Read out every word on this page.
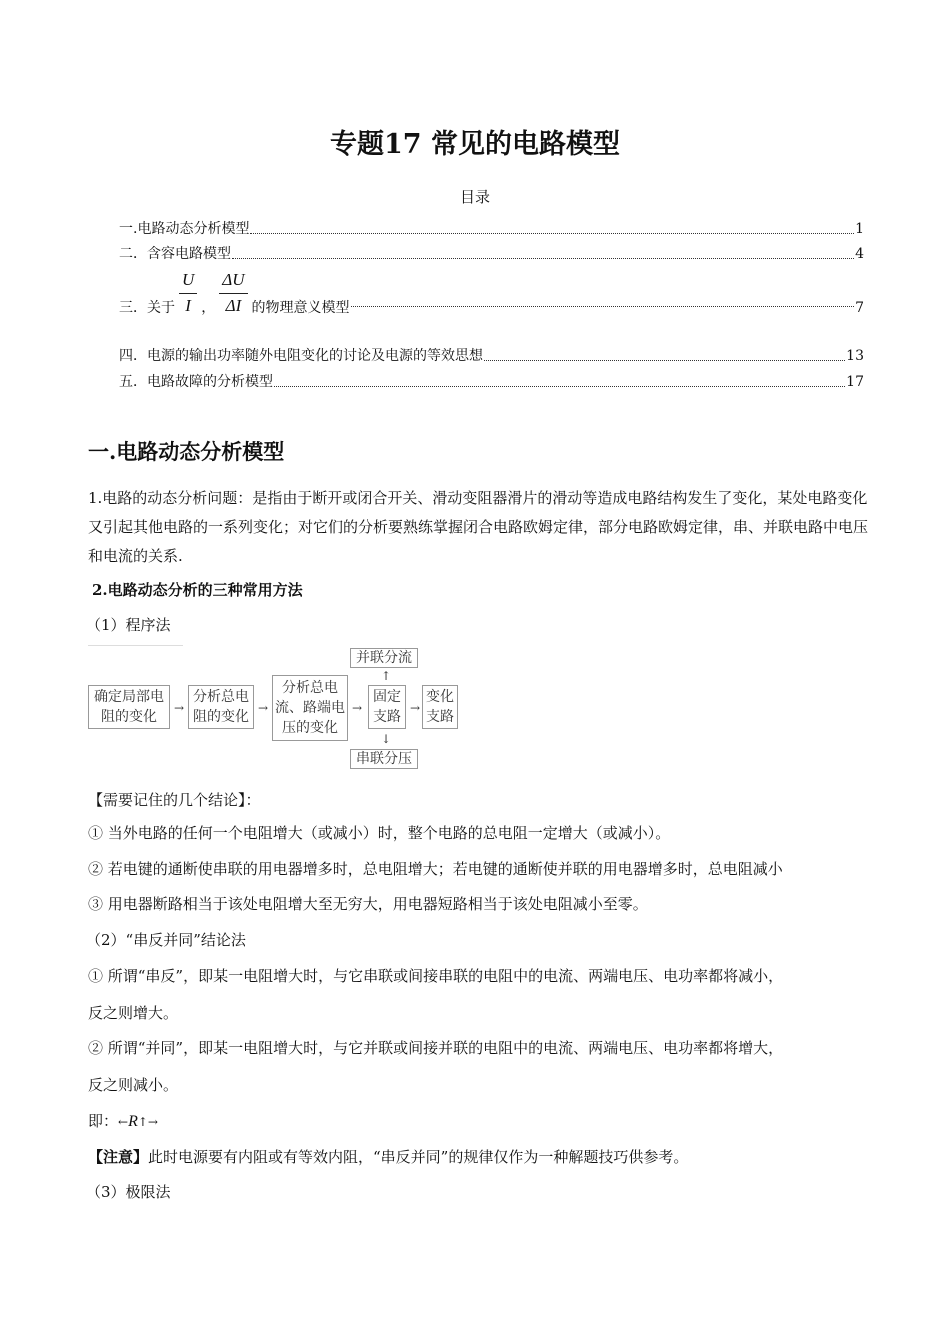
专题17 常见的电路模型
目录
一.电路动态分析模型	1
二．含容电路模型	4
三．关于 $\frac{U}{I}$ ， $\frac{\Delta U}{\Delta I}$ 的物理意义模型	7
四．电源的输出功率随外电阻变化的讨论及电源的等效思想	13
五．电路故障的分析模型	17
一.电路动态分析模型
1.电路的动态分析问题：是指由于断开或闭合开关、滑动变阻器滑片的滑动等造成电路结构发生了变化，某处电路变化又引起其他电路的一系列变化；对它们的分析要熟练掌握闭合电路欧姆定律，部分电路欧姆定律，串、并联电路中电压和电流的关系.
2.电路动态分析的三种常用方法
（1）程序法
确定局部电阻的变化
→
分析总电阻的变化
→
分析总电流、路端电压的变化
→
固定支路
→
变化支路
并联分流
↑
↓
串联分压
【需要记住的几个结论】：
① 当外电路的任何一个电阻增大（或减小）时，整个电路的总电阻一定增大（或减小）。
② 若电键的通断使串联的用电器增多时，总电阻增大；若电键的通断使并联的用电器增多时，总电阻减小
③ 用电器断路相当于该处电阻增大至无穷大，用电器短路相当于该处电阻减小至零。
（2）“串反并同”结论法
① 所谓“串反”，即某一电阻增大时，与它串联或间接串联的电阻中的电流、两端电压、电功率都将减小，
反之则增大。
② 所谓“并同”，即某一电阻增大时，与它并联或间接并联的电阻中的电流、两端电压、电功率都将增大，
反之则减小。
即：←R↑→
【注意】此时电源要有内阻或有等效内阻，“串反并同”的规律仅作为一种解题技巧供参考。
（3）极限法
